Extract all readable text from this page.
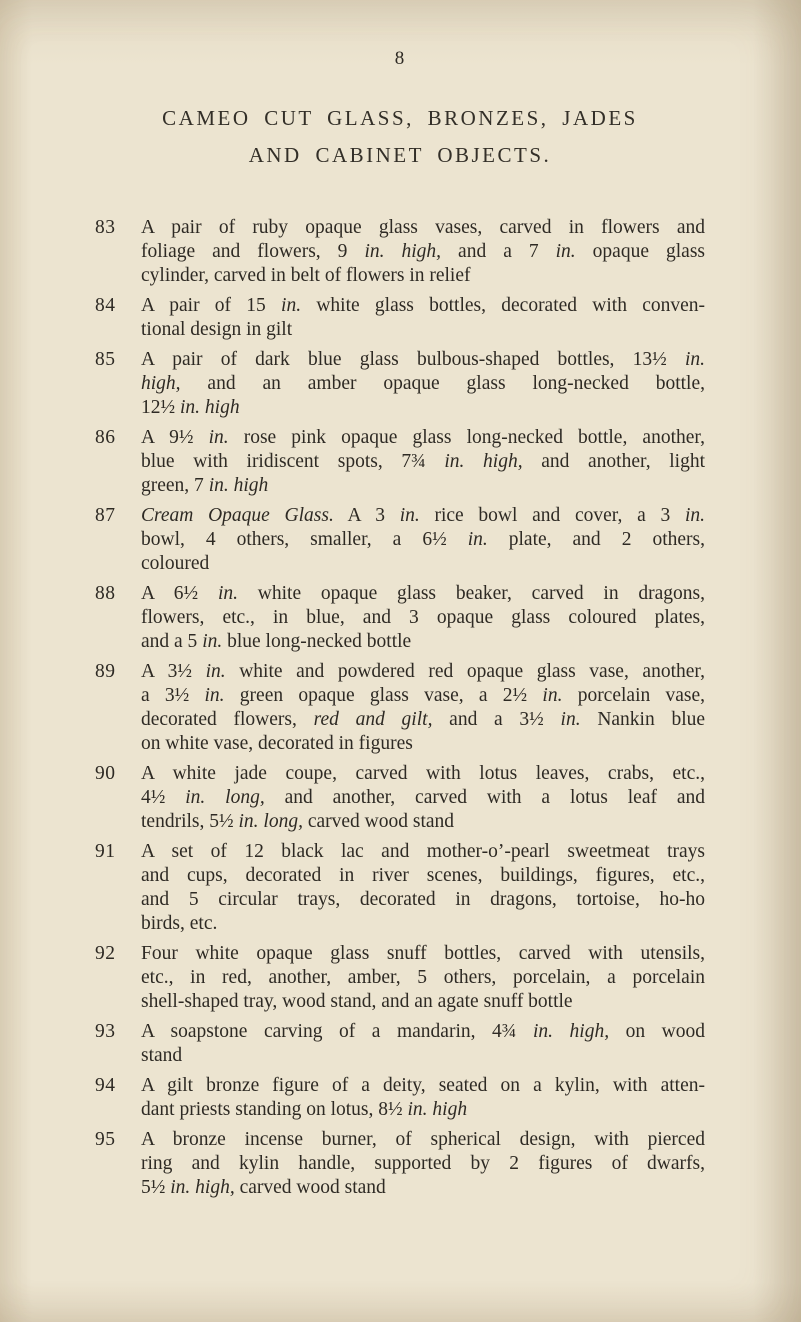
8
CAMEO CUT GLASS, BRONZES, JADES
AND CABINET OBJECTS.
83	A pair of ruby opaque glass vases, carved in flowers and
foliage and flowers, 9 in. high, and a 7 in. opaque glass
cylinder, carved in belt of flowers in relief
84	A pair of 15 in. white glass bottles, decorated with conven-
tional design in gilt
85	A pair of dark blue glass bulbous-shaped bottles, 13½ in.
high, and an amber opaque glass long-necked bottle,
12½ in. high
86	A 9½ in. rose pink opaque glass long-necked bottle, another,
blue with iridiscent spots, 7¾ in. high, and another, light
green, 7 in. high
87	Cream Opaque Glass. A 3 in. rice bowl and cover, a 3 in.
bowl, 4 others, smaller, a 6½ in. plate, and 2 others,
coloured
88	A 6½ in. white opaque glass beaker, carved in dragons,
flowers, etc., in blue, and 3 opaque glass coloured plates,
and a 5 in. blue long-necked bottle
89	A 3½ in. white and powdered red opaque glass vase, another,
a 3½ in. green opaque glass vase, a 2½ in. porcelain vase,
decorated flowers, red and gilt, and a 3½ in. Nankin blue
on white vase, decorated in figures
90	A white jade coupe, carved with lotus leaves, crabs, etc.,
4½ in. long, and another, carved with a lotus leaf and
tendrils, 5½ in. long, carved wood stand
91	A set of 12 black lac and mother-o’-pearl sweetmeat trays
and cups, decorated in river scenes, buildings, figures, etc.,
and 5 circular trays, decorated in dragons, tortoise, ho-ho
birds, etc.
92	Four white opaque glass snuff bottles, carved with utensils,
etc., in red, another, amber, 5 others, porcelain, a porcelain
shell-shaped tray, wood stand, and an agate snuff bottle
93	A soapstone carving of a mandarin, 4¾ in. high, on wood
stand
94	A gilt bronze figure of a deity, seated on a kylin, with atten-
dant priests standing on lotus, 8½ in. high
95	A bronze incense burner, of spherical design, with pierced
ring and kylin handle, supported by 2 figures of dwarfs,
5½ in. high, carved wood stand
